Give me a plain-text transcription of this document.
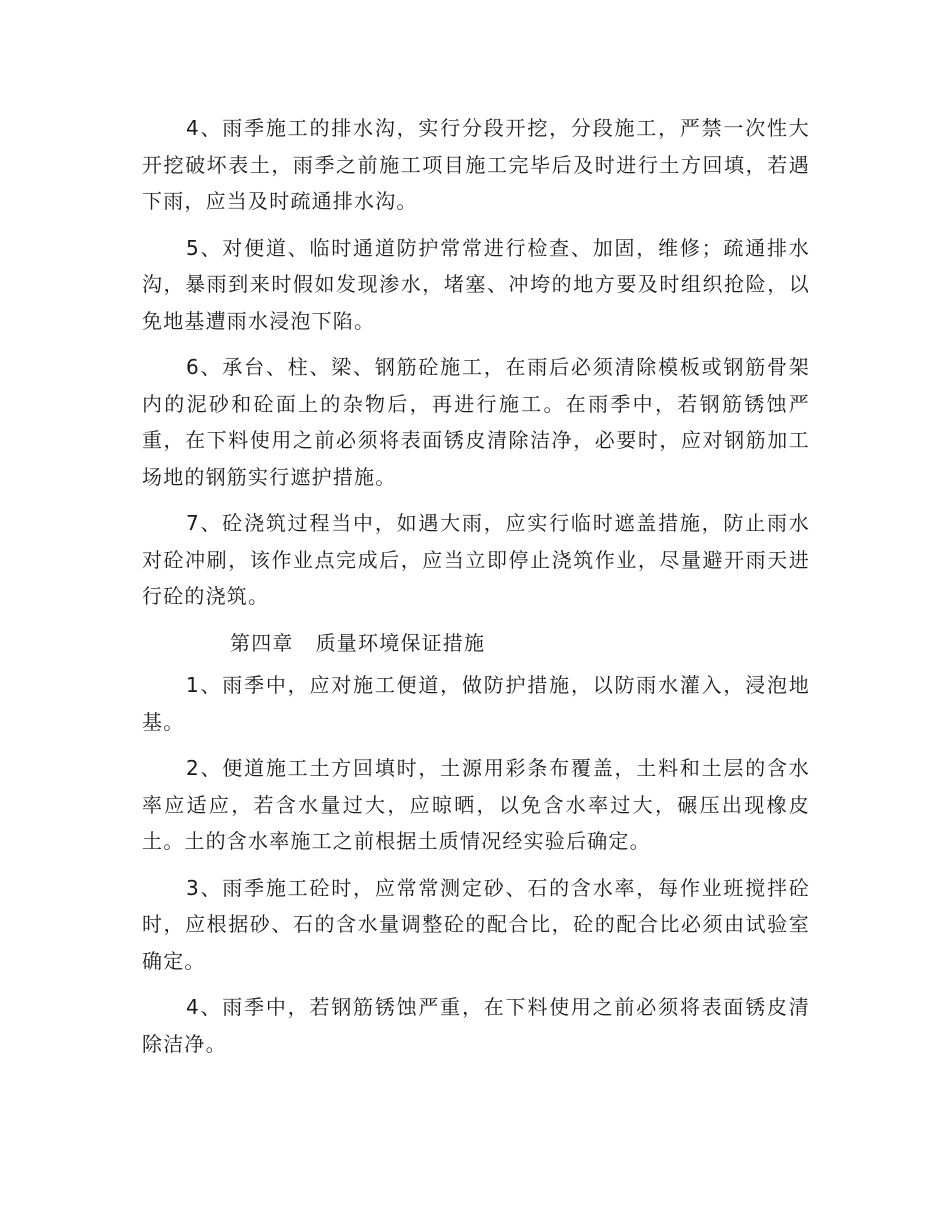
4、雨季施工的排水沟，实行分段开挖，分段施工，严禁一次性大开挖破坏表土，雨季之前施工项目施工完毕后及时进行土方回填，若遇下雨，应当及时疏通排水沟。

5、对便道、临时通道防护常常进行检查、加固，维修；疏通排水沟，暴雨到来时假如发现渗水，堵塞、冲垮的地方要及时组织抢险，以免地基遭雨水浸泡下陷。

6、承台、柱、梁、钢筋砼施工，在雨后必须清除模板或钢筋骨架内的泥砂和砼面上的杂物后，再进行施工。在雨季中，若钢筋锈蚀严重，在下料使用之前必须将表面锈皮清除洁净，必要时，应对钢筋加工场地的钢筋实行遮护措施。

7、砼浇筑过程当中，如遇大雨，应实行临时遮盖措施，防止雨水对砼冲刷，该作业点完成后，应当立即停止浇筑作业，尽量避开雨天进行砼的浇筑。

第四章 质量环境保证措施

1、雨季中，应对施工便道，做防护措施，以防雨水灌入，浸泡地基。

2、便道施工土方回填时，土源用彩条布覆盖，土料和土层的含水率应适应，若含水量过大，应晾晒，以免含水率过大，碾压出现橡皮土。土的含水率施工之前根据土质情况经实验后确定。

3、雨季施工砼时，应常常测定砂、石的含水率，每作业班搅拌砼时，应根据砂、石的含水量调整砼的配合比，砼的配合比必须由试验室确定。

4、雨季中，若钢筋锈蚀严重，在下料使用之前必须将表面锈皮清除洁净。
